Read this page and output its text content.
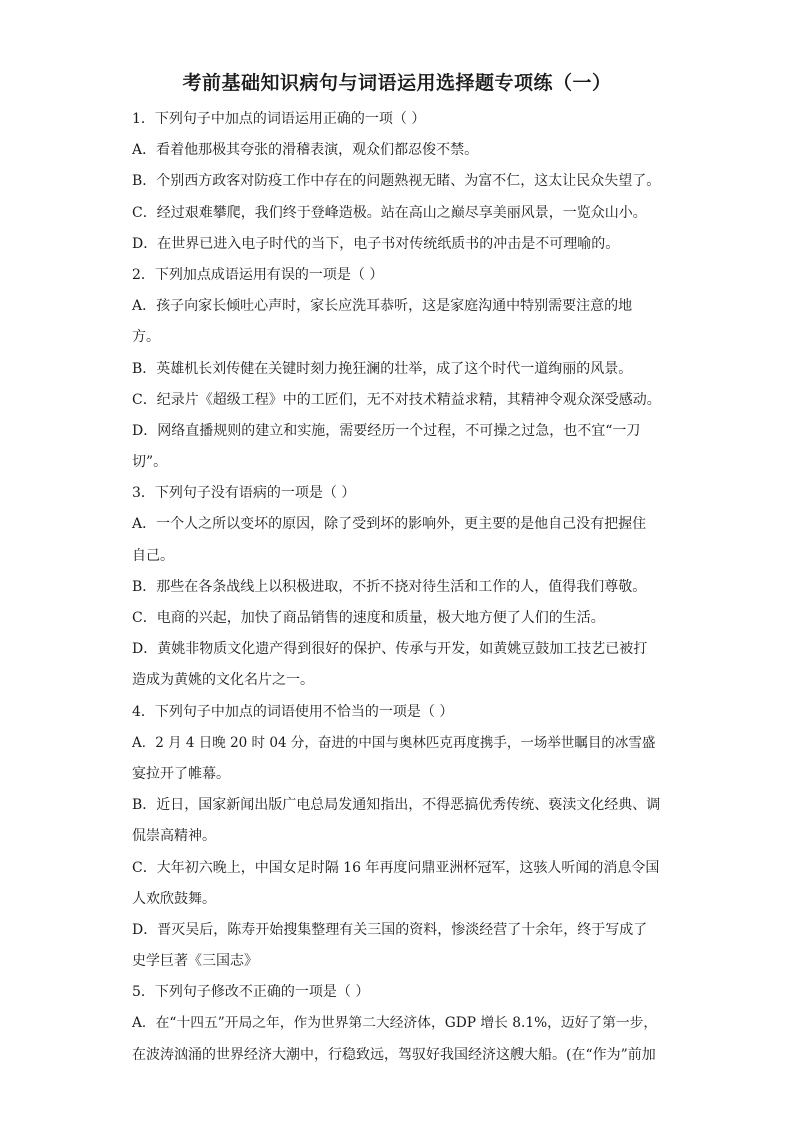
考前基础知识病句与词语运用选择题专项练（一）

1．下列句子中加点的词语运用正确的一项（ ）

A．看着他那极其夸张的滑稽表演，观众们都忍俊不禁。

B．个别西方政客对防疫工作中存在的问题熟视无睹、为富不仁，这太让民众失望了。

C．经过艰难攀爬，我们终于登峰造极。站在高山之巅尽享美丽风景，一览众山小。

D．在世界已进入电子时代的当下，电子书对传统纸质书的冲击是不可理喻的。

2．下列加点成语运用有误的一项是（ ）

A．孩子向家长倾吐心声时，家长应洗耳恭听，这是家庭沟通中特别需要注意的地

方。

B．英雄机长刘传健在关键时刻力挽狂澜的壮举，成了这个时代一道绚丽的风景。

C．纪录片《超级工程》中的工匠们，无不对技术精益求精，其精神令观众深受感动。

D．网络直播规则的建立和实施，需要经历一个过程，不可操之过急，也不宜“一刀

切”。

3．下列句子没有语病的一项是（ ）

A．一个人之所以变坏的原因，除了受到坏的影响外，更主要的是他自己没有把握住

自己。

B．那些在各条战线上以积极进取，不折不挠对待生活和工作的人，值得我们尊敬。

C．电商的兴起，加快了商品销售的速度和质量，极大地方便了人们的生活。

D．黄姚非物质文化遗产得到很好的保护、传承与开发，如黄姚豆鼓加工技艺已被打

造成为黄姚的文化名片之一。

4．下列句子中加点的词语使用不恰当的一项是（ ）

A．2 月 4 日晚 20 时 04 分，奋进的中国与奥林匹克再度携手，一场举世瞩目的冰雪盛

宴拉开了帷幕。

B．近日，国家新闻出版广电总局发通知指出，不得恶搞优秀传统、亵渎文化经典、调

侃崇高精神。

C．大年初六晚上，中国女足时隔 16 年再度问鼎亚洲杯冠军，这骇人听闻的消息令国

人欢欣鼓舞。

D．晋灭吴后，陈寿开始搜集整理有关三国的资料，惨淡经营了十余年，终于写成了

史学巨著《三国志》

5．下列句子修改不正确的一项是（ ）

A．在“十四五”开局之年，作为世界第二大经济体，GDP 增长 8.1%，迈好了第一步，

在波涛汹涌的世界经济大潮中，行稳致远，驾驭好我国经济这艘大船。(在“作为”前加
